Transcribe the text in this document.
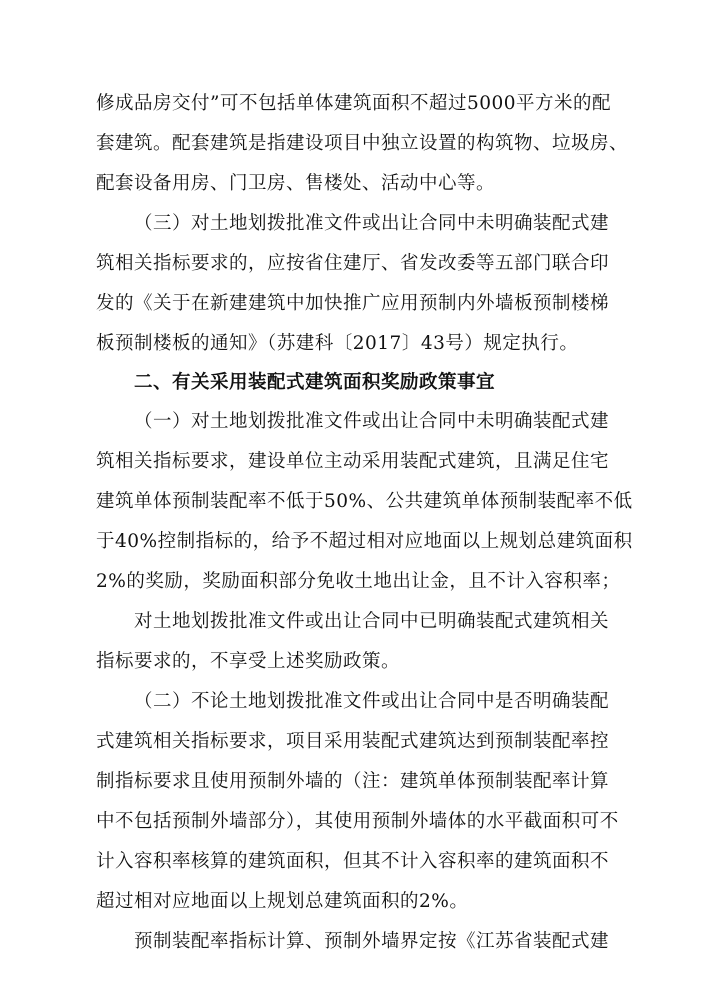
修成品房交付”可不包括单体建筑面积不超过5000平方米的配
套建筑。配套建筑是指建设项目中独立设置的构筑物、垃圾房、
配套设备用房、门卫房、售楼处、活动中心等。
（三）对土地划拨批准文件或出让合同中未明确装配式建
筑相关指标要求的，应按省住建厅、省发改委等五部门联合印
发的《关于在新建建筑中加快推广应用预制内外墙板预制楼梯
板预制楼板的通知》（苏建科〔2017〕43号）规定执行。
二、有关采用装配式建筑面积奖励政策事宜
（一）对土地划拨批准文件或出让合同中未明确装配式建
筑相关指标要求，建设单位主动采用装配式建筑，且满足住宅
建筑单体预制装配率不低于50%、公共建筑单体预制装配率不低
于40%控制指标的，给予不超过相对应地面以上规划总建筑面积
2%的奖励，奖励面积部分免收土地出让金，且不计入容积率；
对土地划拨批准文件或出让合同中已明确装配式建筑相关
指标要求的，不享受上述奖励政策。
（二）不论土地划拨批准文件或出让合同中是否明确装配
式建筑相关指标要求，项目采用装配式建筑达到预制装配率控
制指标要求且使用预制外墙的（注：建筑单体预制装配率计算
中不包括预制外墙部分），其使用预制外墙体的水平截面积可不
计入容积率核算的建筑面积，但其不计入容积率的建筑面积不
超过相对应地面以上规划总建筑面积的2%。
预制装配率指标计算、预制外墙界定按《江苏省装配式建
